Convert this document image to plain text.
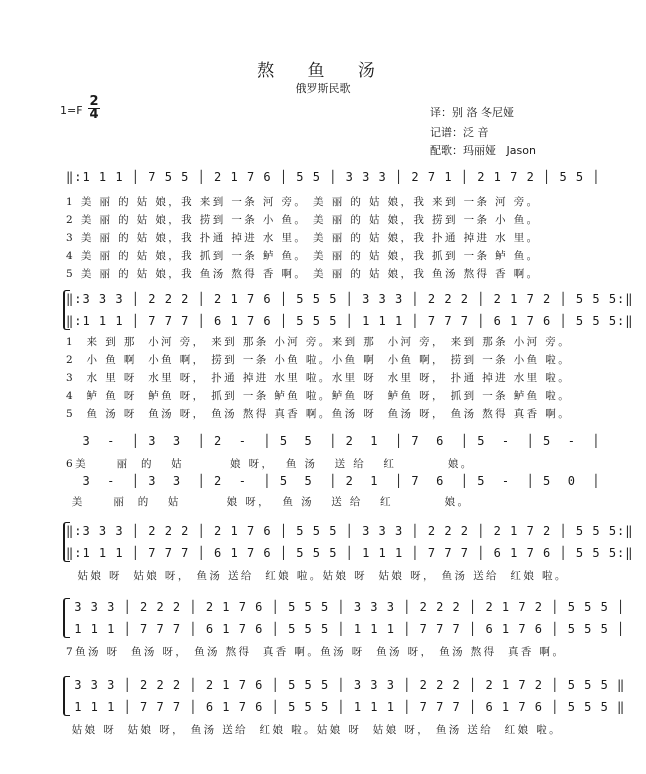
熬 鱼 汤
俄罗斯民歌
1=F
2
4	译：别 洛 冬尼娅
记谱：泛 音
配歌：玛丽娅 Jason
‖:1 1 1 │ 7 5 5 │ 2 1 7 6 │ 5 5 │ 3 3 3 │ 2 7 1 │ 2 1 7 2 │ 5 5 │
1 美 丽 的 姑 娘，我 来到 一条 河 旁。 美 丽 的 姑 娘，我 来到 一条 河 旁。
2 美 丽 的 姑 娘，我 捞到 一条 小 鱼。 美 丽 的 姑 娘，我 捞到 一条 小 鱼。
3 美 丽 的 姑 娘，我 扑通 掉进 水 里。 美 丽 的 姑 娘，我 扑通 掉进 水 里。
4 美 丽 的 姑 娘，我 抓到 一条 鲈 鱼。 美 丽 的 姑 娘，我 抓到 一条 鲈 鱼。
5 美 丽 的 姑 娘，我 鱼汤 熬得 香 啊。 美 丽 的 姑 娘，我 鱼汤 熬得 香 啊。
‖:3 3 3 │ 2 2 2 │ 2 1 7 6 │ 5 5 5 │ 3 3 3 │ 2 2 2 │ 2 1 7 2 │ 5 5 5:‖
‖:1 1 1 │ 7 7 7 │ 6 1 7 6 │ 5 5 5 │ 1 1 1 │ 7 7 7 │ 6 1 7 6 │ 5 5 5:‖
1  来 到 那  小河 旁， 来到 那条 小河 旁。来到 那  小河 旁， 来到 那条 小河 旁。
2  小 鱼 啊  小鱼 啊， 捞到 一条 小鱼 啦。小鱼 啊  小鱼 啊， 捞到 一条 小鱼 啦。
3  水 里 呀  水里 呀， 扑通 掉进 水里 啦。水里 呀  水里 呀， 扑通 掉进 水里 啦。
4  鲈 鱼 呀  鲈鱼 呀， 抓到 一条 鲈鱼 啦。鲈鱼 呀  鲈鱼 呀， 抓到 一条 鲈鱼 啦。
5  鱼 汤 呀  鱼汤 呀， 鱼汤 熬得 真香 啊。鱼汤 呀  鱼汤 呀， 鱼汤 熬得 真香 啊。
3  -  │ 3  3  │ 2  -  │ 5  5  │ 2  1  │ 7  6  │ 5  -  │ 5  -  │
6美     丽  的   姑        娘 呀，  鱼 汤   送 给   红         娘。
3  -  │ 3  3  │ 2  -  │ 5  5  │ 2  1  │ 7  6  │ 5  -  │ 5  0  │
美     丽  的   姑        娘 呀，  鱼 汤   送 给   红         娘。
‖:3 3 3 │ 2 2 2 │ 2 1 7 6 │ 5 5 5 │ 3 3 3 │ 2 2 2 │ 2 1 7 2 │ 5 5 5:‖
‖:1 1 1 │ 7 7 7 │ 6 1 7 6 │ 5 5 5 │ 1 1 1 │ 7 7 7 │ 6 1 7 6 │ 5 5 5:‖
姑娘 呀  姑娘 呀， 鱼汤 送给  红娘 啦。姑娘 呀  姑娘 呀， 鱼汤 送给  红娘 啦。
3 3 3 │ 2 2 2 │ 2 1 7 6 │ 5 5 5 │ 3 3 3 │ 2 2 2 │ 2 1 7 2 │ 5 5 5 │
1 1 1 │ 7 7 7 │ 6 1 7 6 │ 5 5 5 │ 1 1 1 │ 7 7 7 │ 6 1 7 6 │ 5 5 5 │
7鱼汤 呀  鱼汤 呀， 鱼汤 熬得  真香 啊。鱼汤 呀  鱼汤 呀， 鱼汤 熬得  真香 啊。
3 3 3 │ 2 2 2 │ 2 1 7 6 │ 5 5 5 │ 3 3 3 │ 2 2 2 │ 2 1 7 2 │ 5 5 5 ‖
1 1 1 │ 7 7 7 │ 6 1 7 6 │ 5 5 5 │ 1 1 1 │ 7 7 7 │ 6 1 7 6 │ 5 5 5 ‖
姑娘 呀  姑娘 呀， 鱼汤 送给  红娘 啦。姑娘 呀  姑娘 呀， 鱼汤 送给  红娘 啦。
